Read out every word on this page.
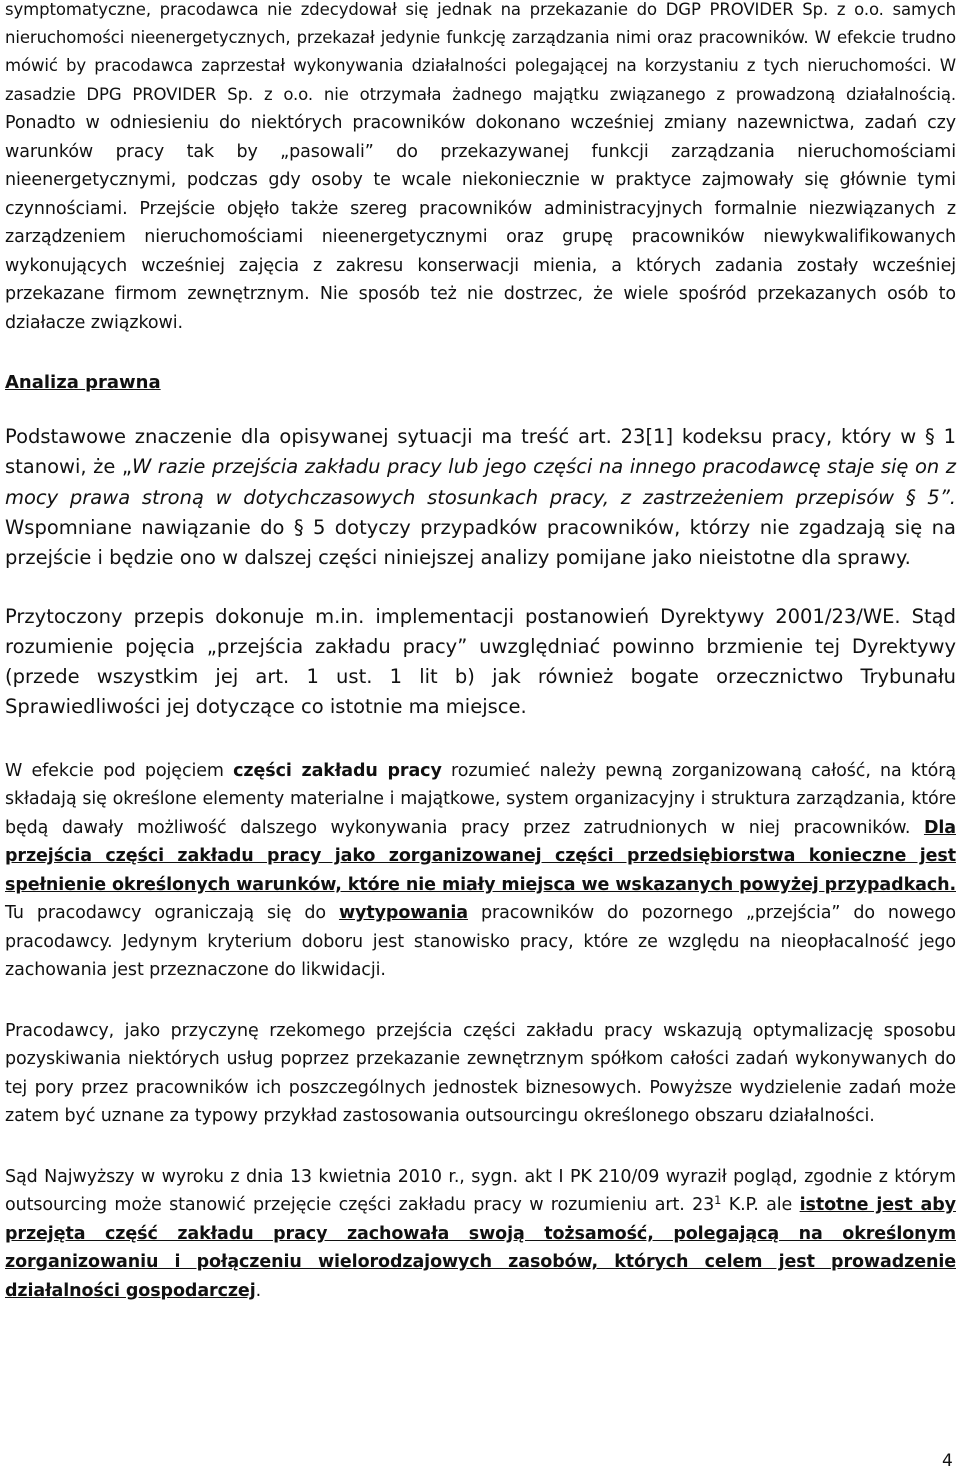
symptomatyczne, pracodawca nie zdecydował się jednak na przekazanie do DGP PROVIDER Sp. z o.o. samych nieruchomości nieenergetycznych, przekazał jedynie funkcję zarządzania nimi oraz pracowników. W efekcie trudno mówić by pracodawca zaprzestał wykonywania działalności polegającej na korzystaniu z tych nieruchomości. W zasadzie DPG PROVIDER Sp. z o.o. nie otrzymała żadnego majątku związanego z prowadzoną działalnością. Ponadto w odniesieniu do niektórych pracowników dokonano wcześniej zmiany nazewnictwa, zadań czy warunków pracy tak by „pasowali” do przekazywanej funkcji zarządzania nieruchomościami nieenergetycznymi, podczas gdy osoby te wcale niekoniecznie w praktyce zajmowały się głównie tymi czynnościami. Przejście objęło także szereg pracowników administracyjnych formalnie niezwiązanych z zarządzeniem nieruchomościami nieenergetycznymi oraz grupę pracowników niewykwalifikowanych wykonujących wcześniej zajęcia z zakresu konserwacji mienia, a których zadania zostały wcześniej przekazane firmom zewnętrznym. Nie sposób też nie dostrzec, że wiele spośród przekazanych osób to działacze związkowi.

Analiza prawna

Podstawowe znaczenie dla opisywanej sytuacji ma treść art. 23[1] kodeksu pracy, który w § 1 stanowi, że „W razie przejścia zakładu pracy lub jego części na innego pracodawcę staje się on z mocy prawa stroną w dotychczasowych stosunkach pracy, z zastrzeżeniem przepisów § 5”. Wspomniane nawiązanie do § 5 dotyczy przypadków pracowników, którzy nie zgadzają się na przejście i będzie ono w dalszej części niniejszej analizy pomijane jako nieistotne dla sprawy.

Przytoczony przepis dokonuje m.in. implementacji postanowień Dyrektywy 2001/23/WE. Stąd rozumienie pojęcia „przejścia zakładu pracy” uwzględniać powinno brzmienie tej Dyrektywy (przede wszystkim jej art. 1 ust. 1 lit b) jak również bogate orzecznictwo Trybunału Sprawiedliwości jej dotyczące co istotnie ma miejsce.

W efekcie pod pojęciem części zakładu pracy rozumieć należy pewną zorganizowaną całość, na którą składają się określone elementy materialne i majątkowe, system organizacyjny i struktura zarządzania, które będą dawały możliwość dalszego wykonywania pracy przez zatrudnionych w niej pracowników. Dla przejścia części zakładu pracy jako zorganizowanej części przedsiębiorstwa konieczne jest spełnienie określonych warunków, które nie miały miejsca we wskazanych powyżej przypadkach. Tu pracodawcy ograniczają się do wytypowania pracowników do pozornego „przejścia” do nowego pracodawcy. Jedynym kryterium doboru jest stanowisko pracy, które ze względu na nieopłacalność jego zachowania jest przeznaczone do likwidacji.

Pracodawcy, jako przyczynę rzekomego przejścia części zakładu pracy wskazują optymalizację sposobu pozyskiwania niektórych usług poprzez przekazanie zewnętrznym spółkom całości zadań wykonywanych do tej pory przez pracowników ich poszczególnych jednostek biznesowych. Powyższe wydzielenie zadań może zatem być uznane za typowy przykład zastosowania outsourcingu określonego obszaru działalności.

Sąd Najwyższy w wyroku z dnia 13 kwietnia 2010 r., sygn. akt I PK 210/09 wyraził pogląd, zgodnie z którym outsourcing może stanowić przejęcie części zakładu pracy w rozumieniu art. $23^1$ K.P. ale istotne jest aby przejęta część zakładu pracy zachowała swoją tożsamość, polegającą na określonym zorganizowaniu i połączeniu wielorodzajowych zasobów, których celem jest prowadzenie działalności gospodarczej.

4
